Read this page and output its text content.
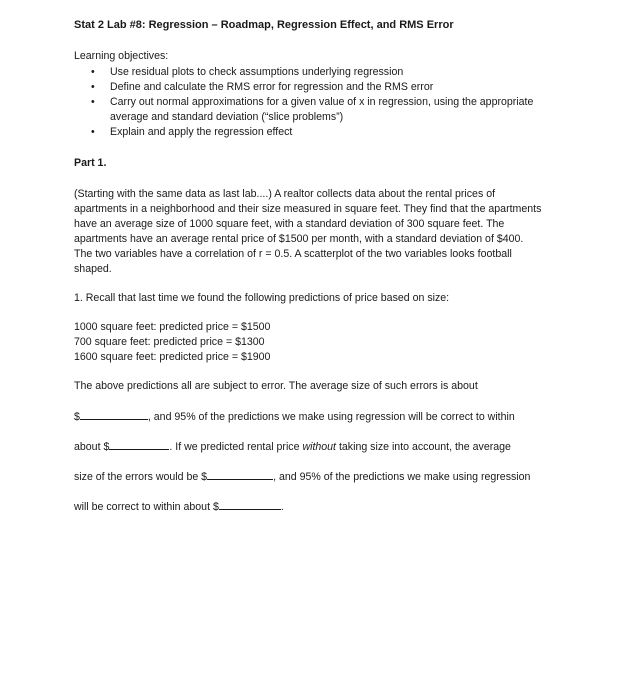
Stat 2 Lab #8: Regression – Roadmap, Regression Effect, and RMS Error
Learning objectives:
• Use residual plots to check assumptions underlying regression
• Define and calculate the RMS error for regression and the RMS error
• Carry out normal approximations for a given value of x in regression, using the appropriate average and standard deviation (“slice problems”)
• Explain and apply the regression effect
Part 1.

(Starting with the same data as last lab....) A realtor collects data about the rental prices of apartments in a neighborhood and their size measured in square feet. They find that the apartments have an average size of 1000 square feet, with a standard deviation of 300 square feet. The apartments have an average rental price of $1500 per month, with a standard deviation of $400. The two variables have a correlation of r = 0.5. A scatterplot of the two variables looks football shaped.

1. Recall that last time we found the following predictions of price based on size:
1000 square feet: predicted price = $1500
700 square feet: predicted price = $1300
1600 square feet: predicted price = $1900
The above predictions all are subject to error. The average size of such errors is about
$	, and 95% of the predictions we make using regression will be correct to within
about $	. If we predicted rental price without taking size into account, the average
size of the errors would be $	, and 95% of the predictions we make using regression
will be correct to within about $	.
